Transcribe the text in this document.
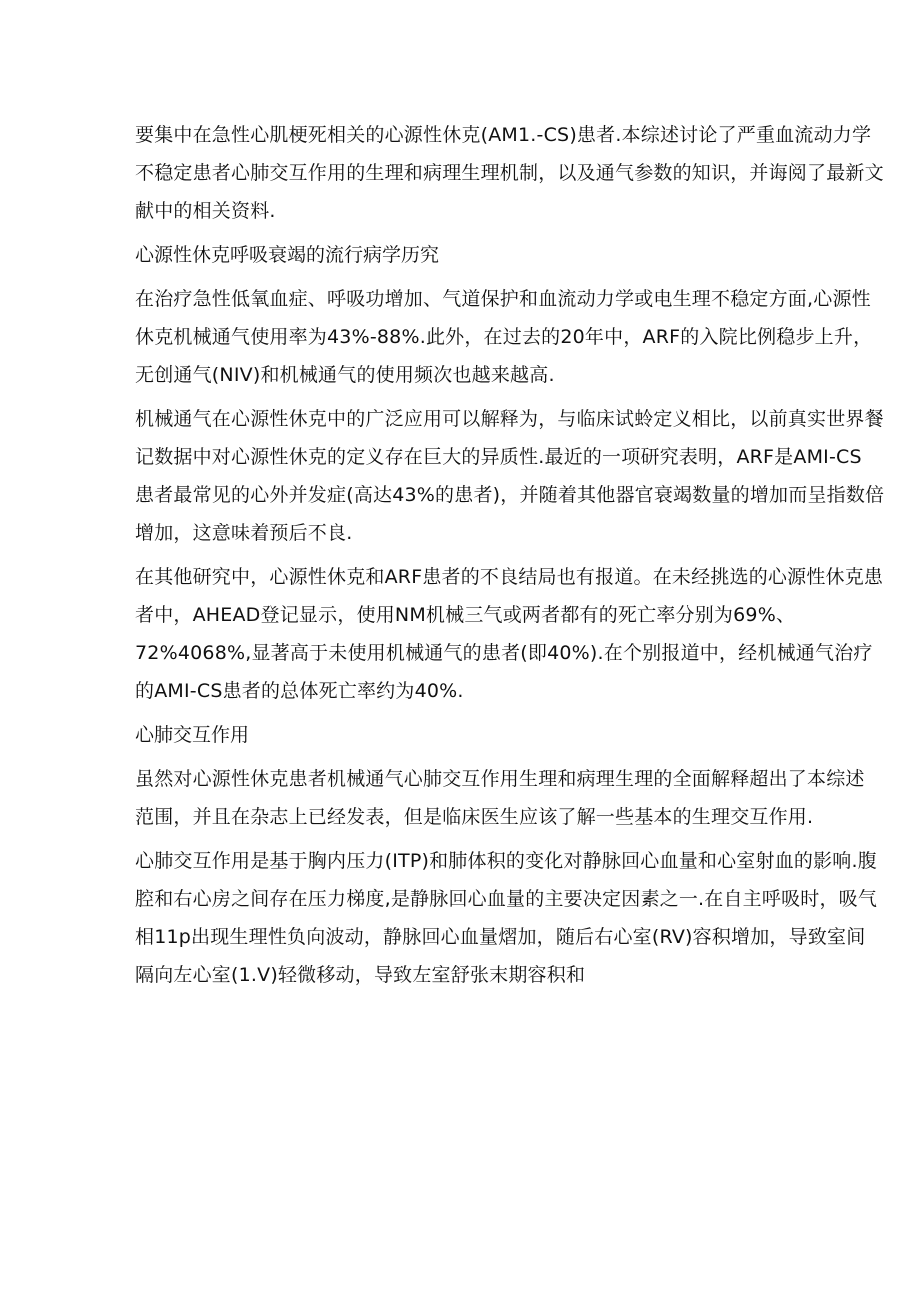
要集中在急性心肌梗死相关的心源性休克(AM1.-CS)患者.本综述讨论了严重血流动力学
不稳定患者心肺交互作用的生理和病理生理机制，以及通气参数的知识，并诲阅了最新文
献中的相关资料.

心源性休克呼吸衰竭的流行病学历究

在治疗急性低氧血症、呼吸功增加、气道保护和血流动力学或电生理不稳定方面,心源性
休克机械通气使用率为43%-88%.此外，在过去的20年中，ARF的入院比例稳步上升，
无创通气(NIV)和机械通气的使用频次也越来越高.

机械通气在心源性休克中的广泛应用可以解释为，与临床试蛉定义相比，以前真实世界餐
记数据中对心源性休克的定义存在巨大的异质性.最近的一项研究表明，ARF是AMI-CS
患者最常见的心外并发症(高达43%的患者)，并随着其他器官衰竭数量的增加而呈指数倍
增加，这意味着预后不良.

在其他研究中，心源性休克和ARF患者的不良结局也有报道。在未经挑选的心源性休克患
者中，AHEAD登记显示，使用NM机械三气或两者都有的死亡率分别为69%、
72%4068%,显著高于未使用机械通气的患者(即40%).在个别报道中，经机械通气治疗
的AMI-CS患者的总体死亡率约为40%.

心肺交互作用

虽然对心源性休克患者机械通气心肺交互作用生理和病理生理的全面解释超出了本综述
范围，并且在杂志上已经发表，但是临床医生应该了解一些基本的生理交互作用.

心肺交互作用是基于胸内压力(ITP)和肺体积的变化对静脉回心血量和心室射血的影响.腹
腔和右心房之间存在压力梯度,是静脉回心血量的主要决定因素之一.在自主呼吸时，吸气
相11p出现生理性负向波动，静脉回心血量熠加，随后右心室(RV)容积增加，导致室间
隔向左心室(1.V)轻微移动，导致左室舒张末期容积和
